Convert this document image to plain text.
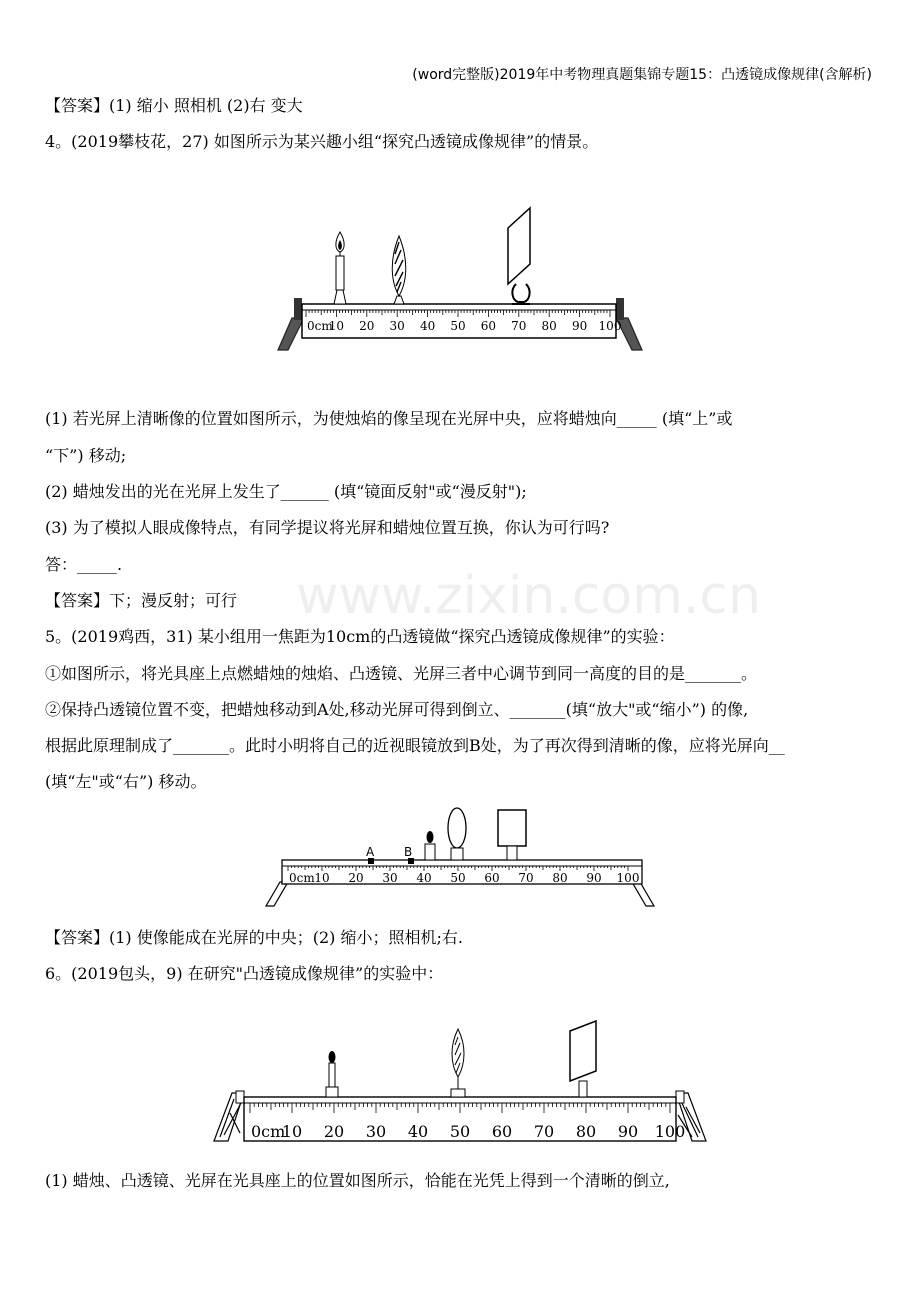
(word完整版)2019年中考物理真题集锦专题15：凸透镜成像规律(含解析)
【答案】(1) 缩小 照相机 (2)右 变大
4。(2019攀枝花，27) 如图所示为某兴趣小组“探究凸透镜成像规律”的情景。
0cm
10 20 30 40 50 60 70 80 90 100
(1) 若光屏上清晰像的位置如图所示，为使烛焰的像呈现在光屏中央，应将蜡烛向_____ (填“上”或
“下”) 移动;
(2) 蜡烛发出的光在光屏上发生了______ (填“镜面反射"或“漫反射");
(3) 为了模拟人眼成像特点，有同学提议将光屏和蜡烛位置互换，你认为可行吗?
答：_____.
【答案】下；漫反射；可行
5。(2019鸡西，31) 某小组用一焦距为10cm的凸透镜做“探究凸透镜成像规律”的实验：
①如图所示，将光具座上点燃蜡烛的烛焰、凸透镜、光屏三者中心调节到同一高度的目的是_______。
www.zixin.com.cn
②保持凸透镜位置不变，把蜡烛移动到A处,移动光屏可得到倒立、_______(填“放大"或“缩小”) 的像,
根据此原理制成了_______。此时小明将自己的近视眼镜放到B处，为了再次得到清晰的像，应将光屏向__
(填“左"或“右”) 移动。
0cm 10 20 30 40 50 60 70 80 90 100
A B
【答案】(1) 使像能成在光屏的中央；(2) 缩小；照相机;右.
6。(2019包头，9) 在研究"凸透镜成像规律”的实验中：
0cm
10 20 30 40 50 60 70 80 90 100
(1) 蜡烛、凸透镜、光屏在光具座上的位置如图所示，恰能在光凭上得到一个清晰的倒立,
